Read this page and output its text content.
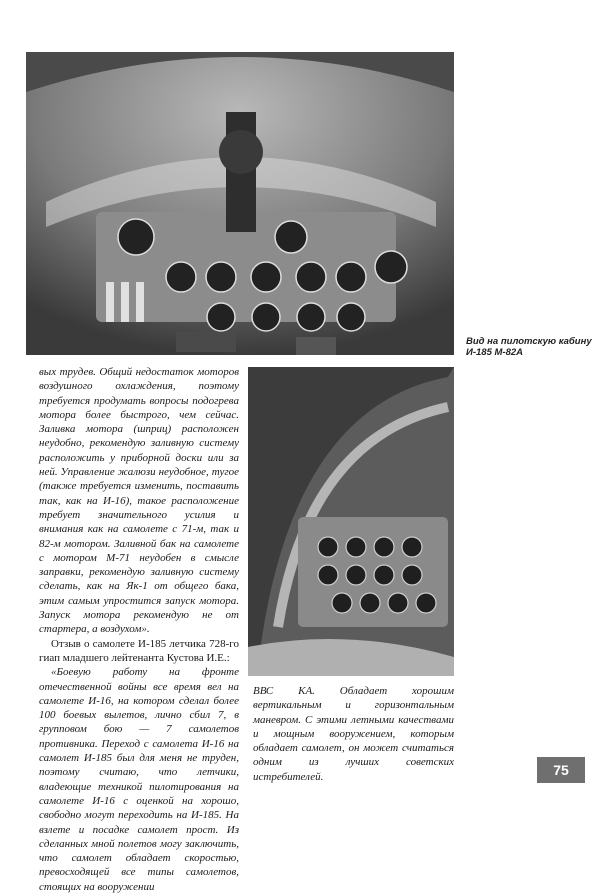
Вид на пилотскую кабину И-185 М-82А

вых трудев. Общий недостаток моторов воздушного охлаждения, поэтому требуется продумать вопросы подогрева мотора более быстрого, чем сейчас. Заливка мотора (шприц) расположен неудобно, рекомендую заливную систему расположить у приборной доски или за ней. Управление жалюзи неудобное, тугое (также требуется изменить, поставить так, как на И-16), такое расположение требует значительного усилия и внимания как на самолете с 71-м, так и 82-м мотором. Заливной бак на самолете с мотором М-71 неудобен в смысле заправки, рекомендую заливную систему сделать, как на Як-1 от общего бака, этим самым упростится запуск мотора. Запуск мотора рекомендую не от стартера, а воздухом».

Отзыв о самолете И-185 летчика 728-го гиап младшего лейтенанта Кустова И.Е.:

«Боевую работу на фронте отечественной войны все время вел на самолете И-16, на котором сделал более 100 боевых вылетов, лично сбил 7, в групповом бою — 7 самолетов противника. Переход с самолета И-16 на самолет И-185 был для меня не труден, поэтому считаю, что летчики, владеющие техникой пилотирования на самолете И-16 с оценкой на хорошо, свободно могут переходить на И-185. На взлете и посадке самолет прост. Из сделанных мной полетов могу заключить, что самолет обладает скоростью, превосходящей все типы самолетов, стоящих на вооружении

ВВС КА. Обладает хорошим вертикальным и горизонтальным маневром. С этими летными качествами и мощным вооружением, которым обладает самолет, он может считаться одним из лучших советских истребителей.	75
